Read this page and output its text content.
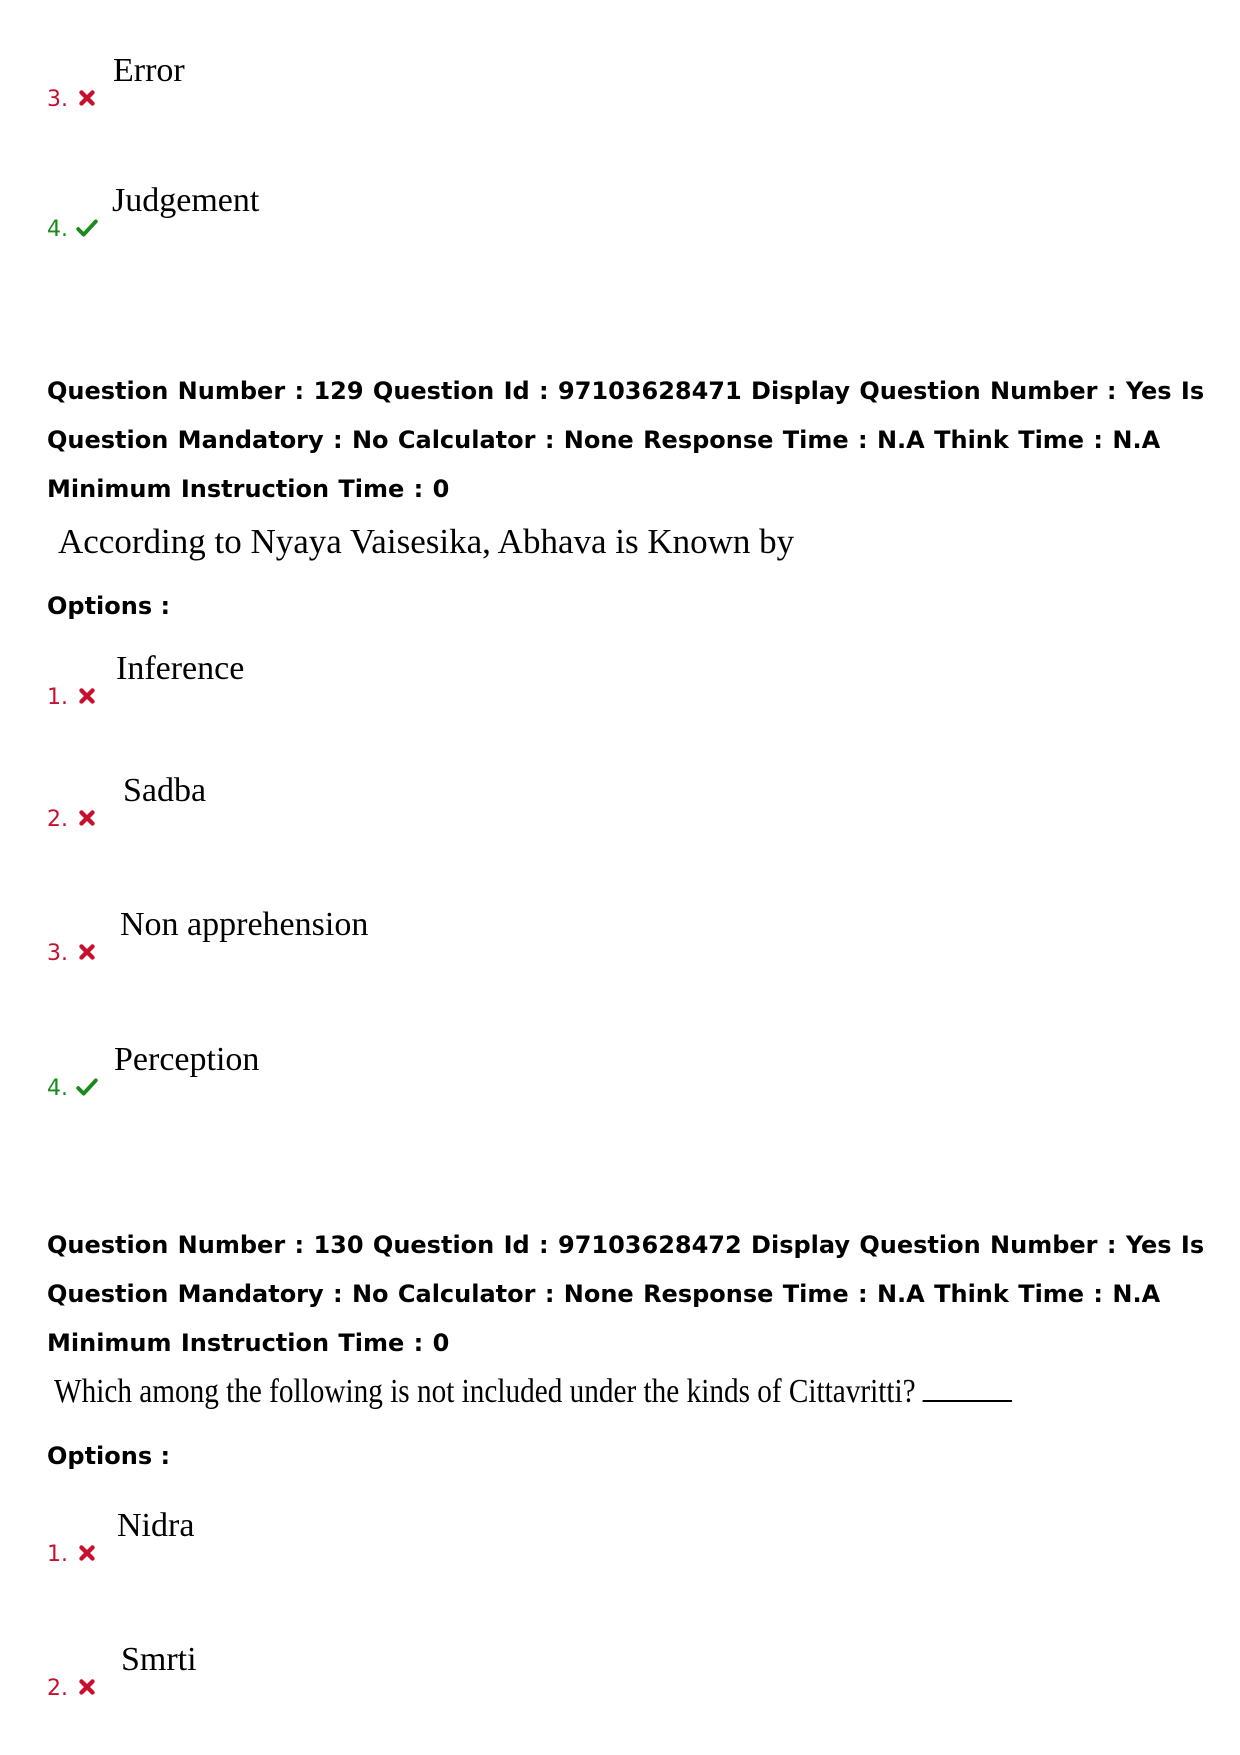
3.
Error
4.
Judgement
Question Number : 129 Question Id : 97103628471 Display Question Number : Yes Is Question Mandatory : No Calculator : None Response Time : N.A Think Time : N.A Minimum Instruction Time : 0
According to Nyaya Vaisesika, Abhava is Known by
Options :
1.
Inference
2.
Sadba
3.
Non apprehension
4.
Perception
Question Number : 130 Question Id : 97103628472 Display Question Number : Yes Is Question Mandatory : No Calculator : None Response Time : N.A Think Time : N.A Minimum Instruction Time : 0
Which among the following is not included under the kinds of Cittavritti?
Options :
1.
Nidra
2.
Smrti
